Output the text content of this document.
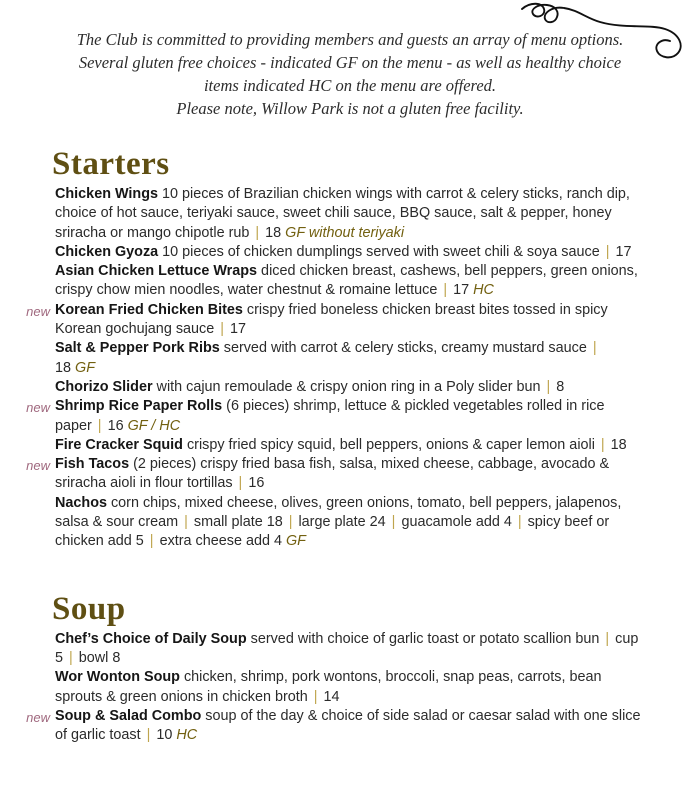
The Club is committed to providing members and guests an array of menu options.
Several gluten free choices - indicated GF on the menu - as well as healthy choice
items indicated HC on the menu are offered.
Please note, Willow Park is not a gluten free facility.
Starters
Chicken Wings 10 pieces of Brazilian chicken wings with carrot & celery sticks, ranch dip, choice of hot sauce, teriyaki sauce, sweet chili sauce, BBQ sauce, salt & pepper, honey sriracha or mango chipotle rub | 18 GF without teriyaki
Chicken Gyoza 10 pieces of chicken dumplings served with sweet chili & soya sauce | 17
Asian Chicken Lettuce Wraps diced chicken breast, cashews, bell peppers, green onions, crispy chow mien noodles, water chestnut & romaine lettuce | 17 HC
new Korean Fried Chicken Bites crispy fried boneless chicken breast bites tossed in spicy Korean gochujang sauce | 17
Salt & Pepper Pork Ribs served with carrot & celery sticks, creamy mustard sauce | 18 GF
Chorizo Slider with cajun remoulade & crispy onion ring in a Poly slider bun | 8
new Shrimp Rice Paper Rolls (6 pieces) shrimp, lettuce & pickled vegetables rolled in rice paper | 16 GF / HC
Fire Cracker Squid crispy fried spicy squid, bell peppers, onions & caper lemon aioli | 18
new Fish Tacos (2 pieces) crispy fried basa fish, salsa, mixed cheese, cabbage, avocado & sriracha aioli in flour tortillas | 16
Nachos corn chips, mixed cheese, olives, green onions, tomato, bell peppers, jalapenos, salsa & sour cream | small plate 18 | large plate 24 | guacamole add 4 | spicy beef or chicken add 5 | extra cheese add 4 GF
Soup
Chef’s Choice of Daily Soup served with choice of garlic toast or potato scallion bun | cup 5 | bowl 8
Wor Wonton Soup chicken, shrimp, pork wontons, broccoli, snap peas, carrots, bean sprouts & green onions in chicken broth | 14
new Soup & Salad Combo soup of the day & choice of side salad or caesar salad with one slice of garlic toast | 10 HC
